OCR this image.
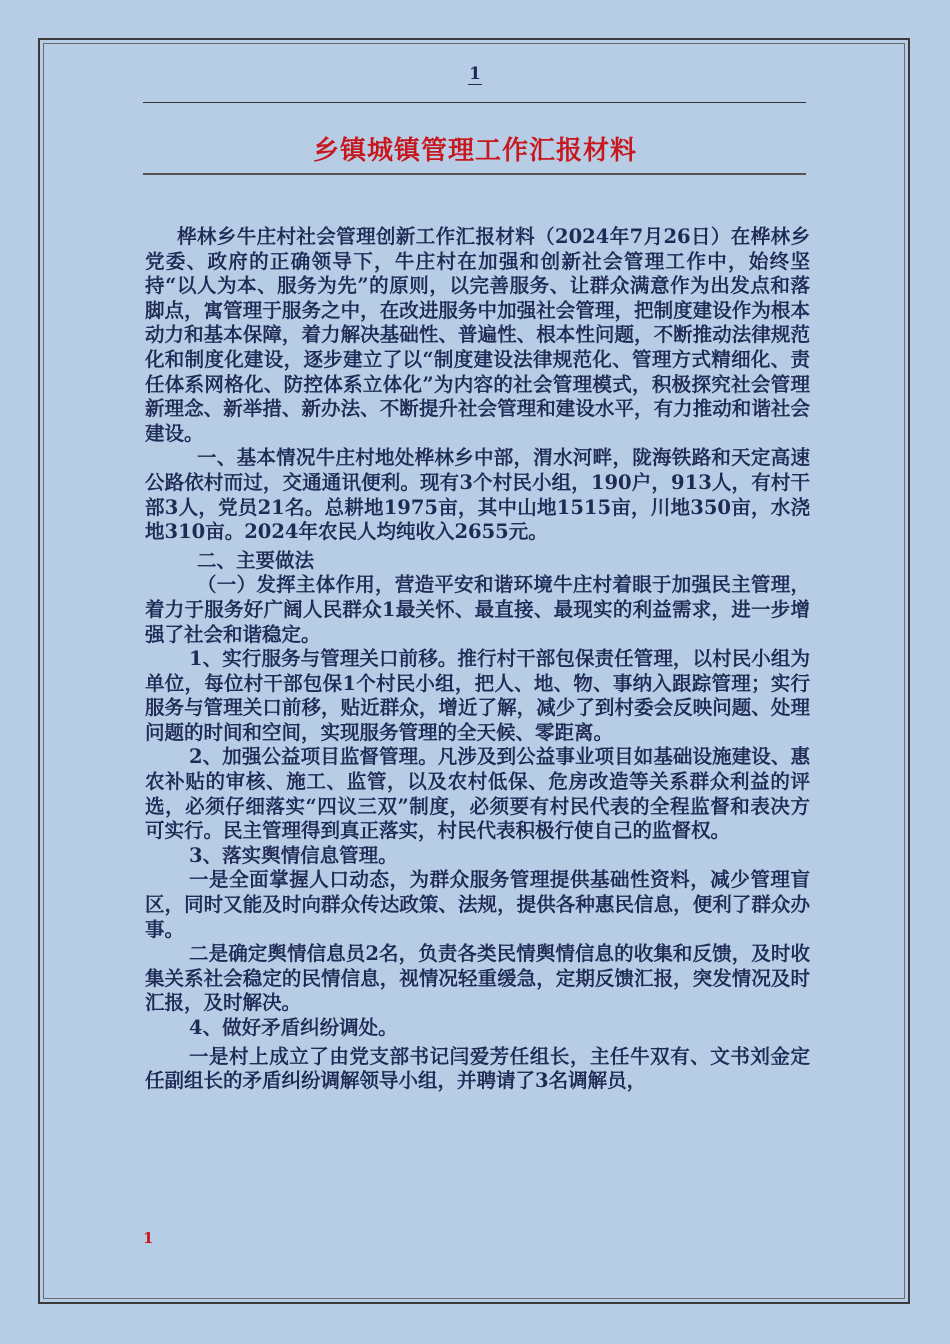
1
乡镇城镇管理工作汇报材料

桦林乡牛庄村社会管理创新工作汇报材料（2024年7月26日）在桦林乡党委、政府的正确领导下，牛庄村在加强和创新社会管理工作中，始终坚持“以人为本、服务为先”的原则，以完善服务、让群众满意作为出发点和落脚点，寓管理于服务之中，在改进服务中加强社会管理，把制度建设作为根本动力和基本保障，着力解决基础性、普遍性、根本性问题，不断推动法律规范化和制度化建设，逐步建立了以“制度建设法律规范化、管理方式精细化、责任体系网格化、防控体系立体化”为内容的社会管理模式，积极探究社会管理新理念、新举措、新办法、不断提升社会管理和建设水平，有力推动和谐社会建设。

一、基本情况牛庄村地处桦林乡中部，渭水河畔，陇海铁路和天定高速公路依村而过，交通通讯便利。现有3个村民小组，190户，913人，有村干部3人，党员21名。总耕地1975亩，其中山地1515亩，川地350亩，水浇地310亩。2024年农民人均纯收入2655元。

二、主要做法

（一）发挥主体作用，营造平安和谐环境牛庄村着眼于加强民主管理，着力于服务好广阔人民群众1最关怀、最直接、最现实的利益需求，进一步增强了社会和谐稳定。

1、实行服务与管理关口前移。推行村干部包保责任管理，以村民小组为单位，每位村干部包保1个村民小组，把人、地、物、事纳入跟踪管理；实行服务与管理关口前移，贴近群众，增近了解，减少了到村委会反映问题、处理问题的时间和空间，实现服务管理的全天候、零距离。

2、加强公益项目监督管理。凡涉及到公益事业项目如基础设施建设、惠农补贴的审核、施工、监管，以及农村低保、危房改造等关系群众利益的评选，必须仔细落实“四议三双”制度，必须要有村民代表的全程监督和表决方可实行。民主管理得到真正落实，村民代表积极行使自己的监督权。

3、落实舆情信息管理。

一是全面掌握人口动态，为群众服务管理提供基础性资料，减少管理盲区，同时又能及时向群众传达政策、法规，提供各种惠民信息，便利了群众办事。

二是确定舆情信息员2名，负责各类民情舆情信息的收集和反馈，及时收集关系社会稳定的民情信息，视情况轻重缓急，定期反馈汇报，突发情况及时汇报，及时解决。

4、做好矛盾纠纷调处。

一是村上成立了由党支部书记闫爱芳任组长，主任牛双有、文书刘金定任副组长的矛盾纠纷调解领导小组，并聘请了3名调解员，

1
